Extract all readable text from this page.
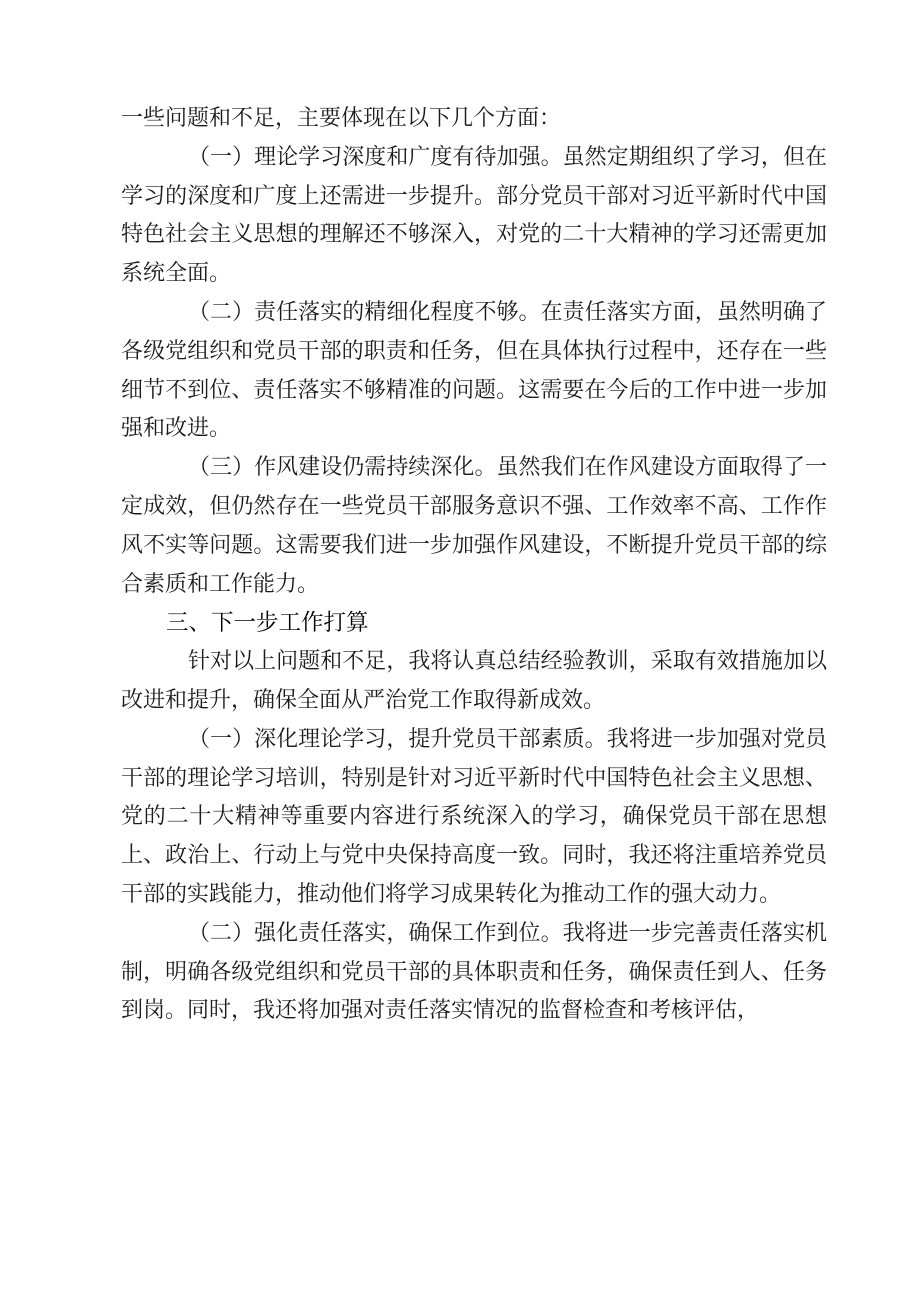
一些问题和不足，主要体现在以下几个方面：

（一）理论学习深度和广度有待加强。虽然定期组织了学习，但在学习的深度和广度上还需进一步提升。部分党员干部对习近平新时代中国特色社会主义思想的理解还不够深入，对党的二十大精神的学习还需更加系统全面。

（二）责任落实的精细化程度不够。在责任落实方面，虽然明确了各级党组织和党员干部的职责和任务，但在具体执行过程中，还存在一些细节不到位、责任落实不够精准的问题。这需要在今后的工作中进一步加强和改进。

（三）作风建设仍需持续深化。虽然我们在作风建设方面取得了一定成效，但仍然存在一些党员干部服务意识不强、工作效率不高、工作作风不实等问题。这需要我们进一步加强作风建设，不断提升党员干部的综合素质和工作能力。

三、下一步工作打算

针对以上问题和不足，我将认真总结经验教训，采取有效措施加以改进和提升，确保全面从严治党工作取得新成效。

（一）深化理论学习，提升党员干部素质。我将进一步加强对党员干部的理论学习培训，特别是针对习近平新时代中国特色社会主义思想、党的二十大精神等重要内容进行系统深入的学习，确保党员干部在思想上、政治上、行动上与党中央保持高度一致。同时，我还将注重培养党员干部的实践能力，推动他们将学习成果转化为推动工作的强大动力。

（二）强化责任落实，确保工作到位。我将进一步完善责任落实机制，明确各级党组织和党员干部的具体职责和任务，确保责任到人、任务到岗。同时，我还将加强对责任落实情况的监督检查和考核评估，
